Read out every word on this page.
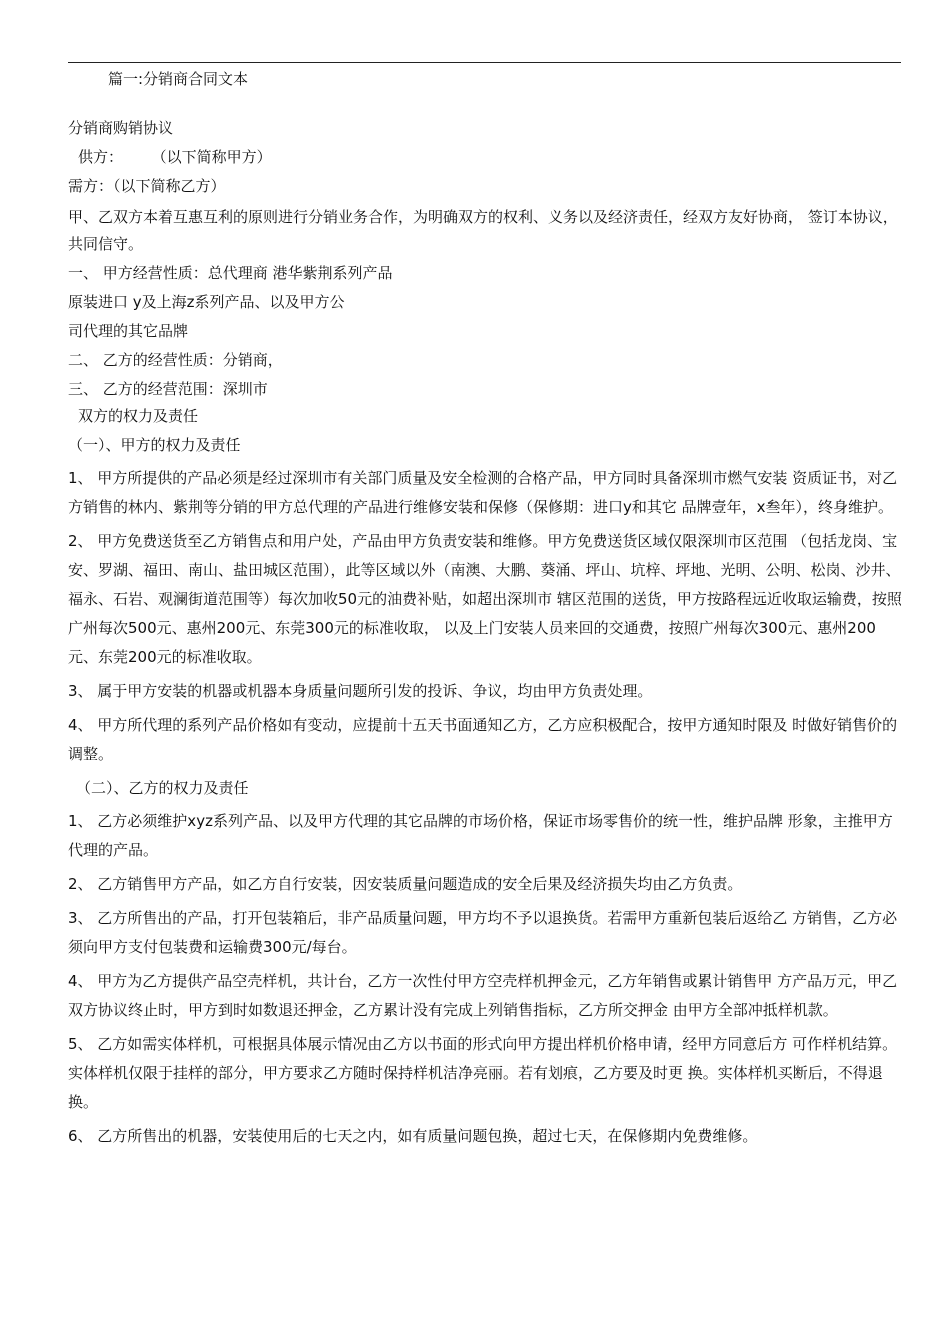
篇一:分销商合同文本

分销商购销协议

供方：      （以下简称甲方）

需方：（以下简称乙方）

甲、乙双方本着互惠互利的原则进行分销业务合作，为明确双方的权利、义务以及经济责任，经双方友好协商， 签订本协议，共同信守。

一、 甲方经营性质：总代理商 港华紫荆系列产品

原装进口 y及上海z系列产品、以及甲方公

司代理的其它品牌

二、 乙方的经营性质：分销商，

三、 乙方的经营范围：深圳市

双方的权力及责任

（一）、甲方的权力及责任

1、 甲方所提供的产品必须是经过深圳市有关部门质量及安全检测的合格产品，甲方同时具备深圳市燃气安装 资质证书，对乙方销售的林内、紫荆等分销的甲方总代理的产品进行维修安装和保修（保修期：进口y和其它 品牌壹年，x叁年），终身维护。

2、 甲方免费送货至乙方销售点和用户处，产品由甲方负责安装和维修。甲方免费送货区域仅限深圳市区范围 （包括龙岗、宝安、罗湖、福田、南山、盐田城区范围），此等区域以外（南澳、大鹏、葵涌、坪山、坑梓、坪地、光明、公明、松岗、沙井、福永、石岩、观澜街道范围等）每次加收50元的油费补贴，如超出深圳市 辖区范围的送货，甲方按路程远近收取运输费，按照广州每次500元、惠州200元、东莞300元的标准收取， 以及上门安装人员来回的交通费，按照广州每次300元、惠州200元、东莞200元的标准收取。

3、 属于甲方安装的机器或机器本身质量问题所引发的投诉、争议，均由甲方负责处理。

4、 甲方所代理的系列产品价格如有变动，应提前十五天书面通知乙方，乙方应积极配合，按甲方通知时限及 时做好销售价的调整。

（二）、乙方的权力及责任

1、 乙方必须维护xyz系列产品、以及甲方代理的其它品牌的市场价格，保证市场零售价的统一性，维护品牌 形象，主推甲方代理的产品。

2、 乙方销售甲方产品，如乙方自行安装，因安装质量问题造成的安全后果及经济损失均由乙方负责。

3、 乙方所售出的产品，打开包装箱后，非产品质量问题，甲方均不予以退换货。若需甲方重新包装后返给乙 方销售，乙方必须向甲方支付包装费和运输费300元/每台。

4、 甲方为乙方提供产品空壳样机，共计台，乙方一次性付甲方空壳样机押金元，乙方年销售或累计销售甲 方产品万元，甲乙双方协议终止时，甲方到时如数退还押金，乙方累计没有完成上列销售指标，乙方所交押金 由甲方全部冲抵样机款。

5、 乙方如需实体样机，可根据具体展示情况由乙方以书面的形式向甲方提出样机价格申请，经甲方同意后方 可作样机结算。实体样机仅限于挂样的部分，甲方要求乙方随时保持样机洁净亮丽。若有划痕，乙方要及时更 换。实体样机买断后，不得退换。

6、 乙方所售出的机器，安装使用后的七天之内，如有质量问题包换，超过七天，在保修期内免费维修。
